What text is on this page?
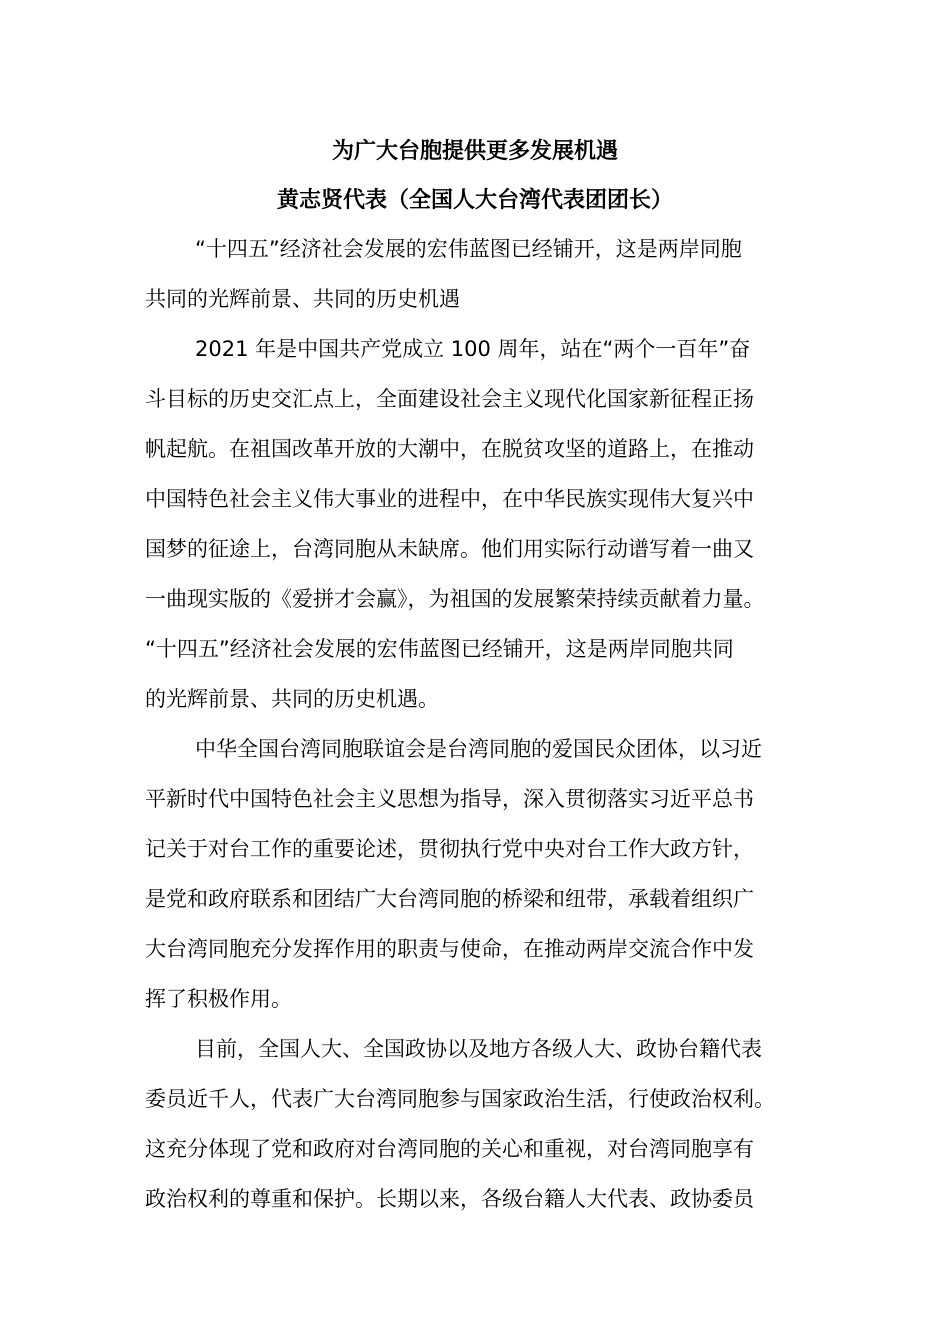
为广大台胞提供更多发展机遇
黄志贤代表（全国人大台湾代表团团长）

“十四五”经济社会发展的宏伟蓝图已经铺开，这是两岸同胞

共同的光辉前景、共同的历史机遇

2021 年是中国共产党成立 100 周年，站在“两个一百年”奋

斗目标的历史交汇点上，全面建设社会主义现代化国家新征程正扬

帆起航。在祖国改革开放的大潮中，在脱贫攻坚的道路上，在推动

中国特色社会主义伟大事业的进程中，在中华民族实现伟大复兴中

国梦的征途上，台湾同胞从未缺席。他们用实际行动谱写着一曲又

一曲现实版的《爱拼才会赢》，为祖国的发展繁荣持续贡献着力量。

“十四五”经济社会发展的宏伟蓝图已经铺开，这是两岸同胞共同

的光辉前景、共同的历史机遇。

中华全国台湾同胞联谊会是台湾同胞的爱国民众团体，以习近

平新时代中国特色社会主义思想为指导，深入贯彻落实习近平总书

记关于对台工作的重要论述，贯彻执行党中央对台工作大政方针，

是党和政府联系和团结广大台湾同胞的桥梁和纽带，承载着组织广

大台湾同胞充分发挥作用的职责与使命，在推动两岸交流合作中发

挥了积极作用。

目前，全国人大、全国政协以及地方各级人大、政协台籍代表

委员近千人，代表广大台湾同胞参与国家政治生活，行使政治权利。

这充分体现了党和政府对台湾同胞的关心和重视，对台湾同胞享有

政治权利的尊重和保护。长期以来，各级台籍人大代表、政协委员
